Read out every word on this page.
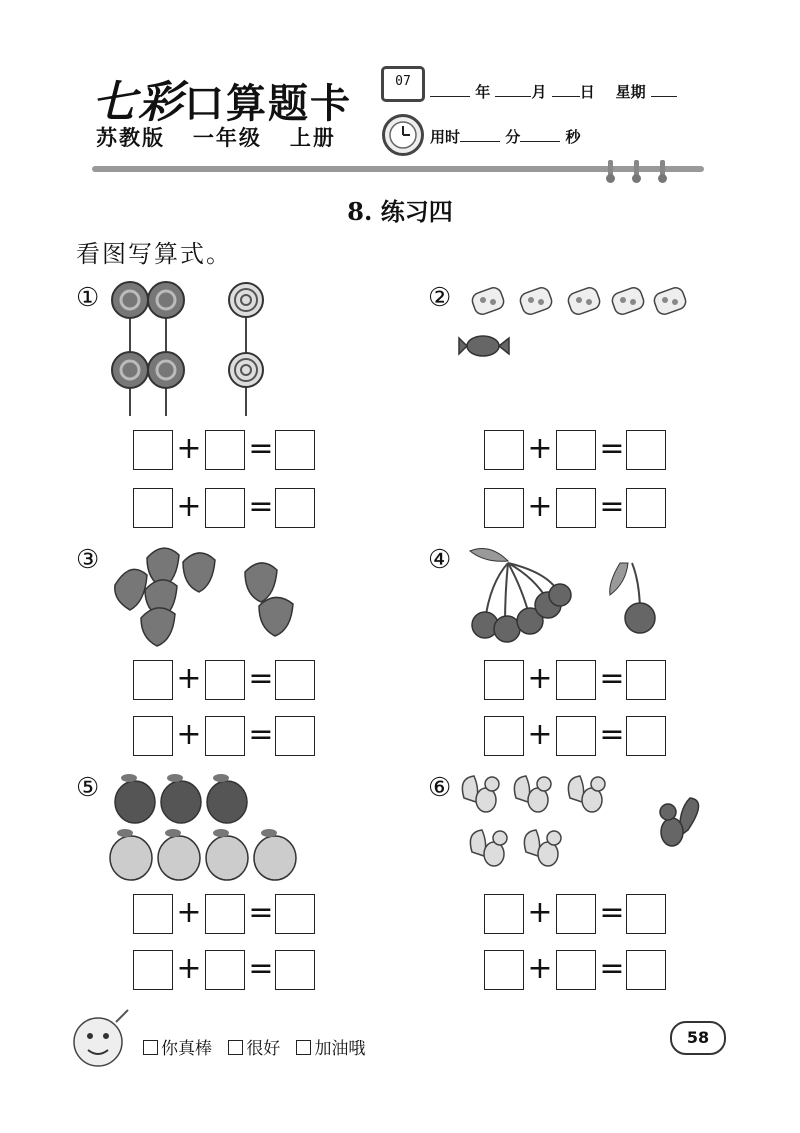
七彩口算题卡
苏教版   一年级   上册
07
年	月 日 星期
用时	分	秒
8. 练习四
看图写算式。
①	②
③	④
⑤	⑥
+ =	+ =
+ =	+ =
+ =	+ =
+ =	+ =
+ =	+ =
+ =	+ =
你真棒 很好 加油哦
58
